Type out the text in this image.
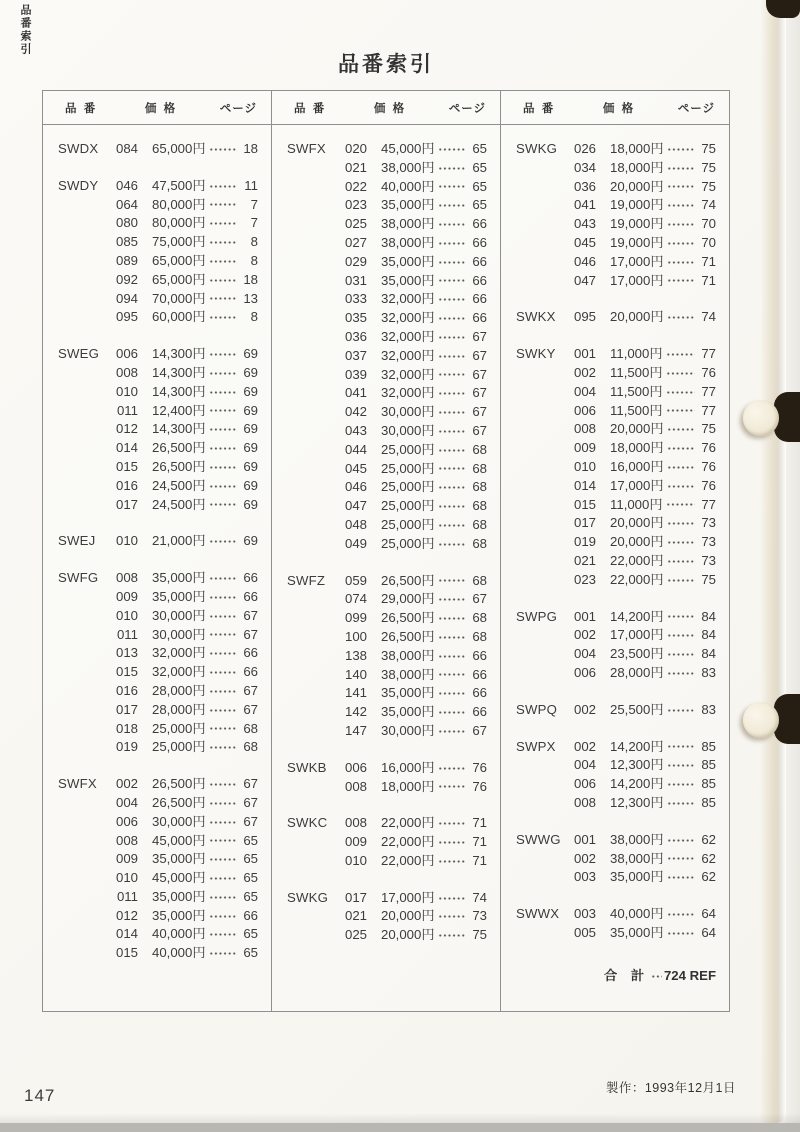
品番索引
品番索引
品 番	価 格	ページ
SWDX	084 65,000円	18
SWDY	046 47,500円	11
064 80,000円	7
080 80,000円	7
085 75,000円	8
089 65,000円	8
092 65,000円	18
094 70,000円	13
095 60,000円	8
SWEG	006 14,300円	69
008 14,300円	69
010 14,300円	69
011 12,400円	69
012 14,300円	69
014 26,500円	69
015 26,500円	69
016 24,500円	69
017 24,500円	69
SWEJ	010 21,000円	69
SWFG	008 35,000円	66
009 35,000円	66
010 30,000円	67
011 30,000円	67
013 32,000円	66
015 32,000円	66
016 28,000円	67
017 28,000円	67
018 25,000円	68
019 25,000円	68
SWFX	002 26,500円	67
004 26,500円	67
006 30,000円	67
008 45,000円	65
009 35,000円	65
010 45,000円	65
011 35,000円	65
012 35,000円	66
014 40,000円	65
015 40,000円	65
品 番	価 格	ページ
SWFX	020 45,000円	65
021 38,000円	65
022 40,000円	65
023 35,000円	65
025 38,000円	66
027 38,000円	66
029 35,000円	66
031 35,000円	66
033 32,000円	66
035 32,000円	66
036 32,000円	67
037 32,000円	67
039 32,000円	67
041 32,000円	67
042 30,000円	67
043 30,000円	67
044 25,000円	68
045 25,000円	68
046 25,000円	68
047 25,000円	68
048 25,000円	68
049 25,000円	68
SWFZ	059 26,500円	68
074 29,000円	67
099 26,500円	68
100 26,500円	68
138 38,000円	66
140 38,000円	66
141 35,000円	66
142 35,000円	66
147 30,000円	67
SWKB	006 16,000円	76
008 18,000円	76
SWKC	008 22,000円	71
009 22,000円	71
010 22,000円	71
SWKG	017 17,000円	74
021 20,000円	73
025 20,000円	75
品 番	価 格	ページ
SWKG	026 18,000円	75
034 18,000円	75
036 20,000円	75
041 19,000円	74
043 19,000円	70
045 19,000円	70
046 17,000円	71
047 17,000円	71
SWKX	095 20,000円	74
SWKY	001 11,000円	77
002 11,500円	76
004 11,500円	77
006 11,500円	77
008 20,000円	75
009 18,000円	76
010 16,000円	76
014 17,000円	76
015 11,000円	77
017 20,000円	73
019 20,000円	73
021 22,000円	73
023 22,000円	75
SWPG	001 14,200円	84
002 17,000円	84
004 23,500円	84
006 28,000円	83
SWPQ	002 25,500円	83
SWPX	002 14,200円	85
004 12,300円	85
006 14,200円	85
008 12,300円	85
SWWG	001 38,000円	62
002 38,000円	62
003 35,000円	62
SWWX	003 40,000円	64
005 35,000円	64
合 計 724 REF
147	製作：1993年12月1日
